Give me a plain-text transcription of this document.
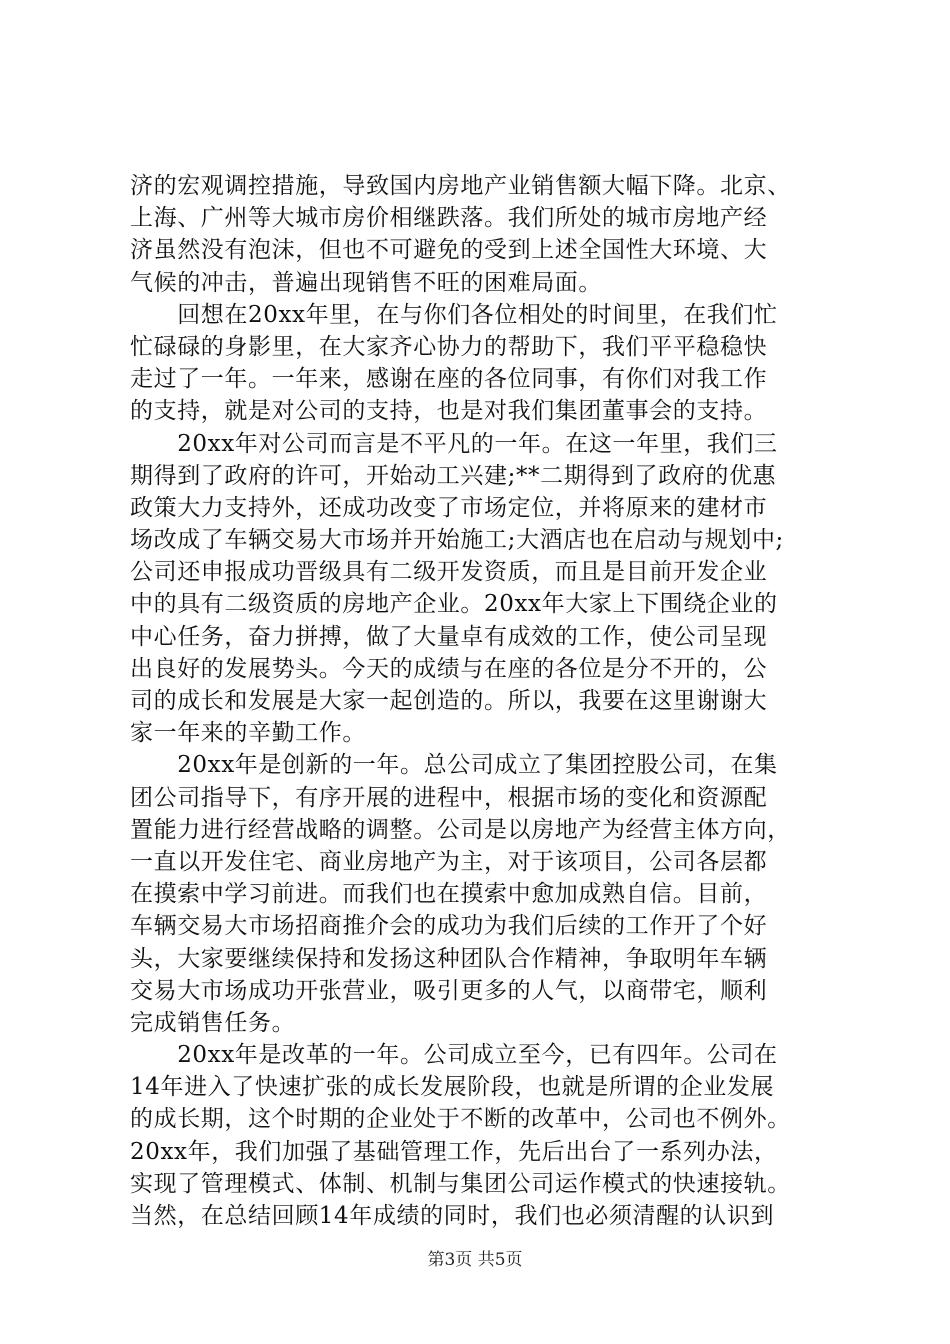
济的宏观调控措施，导致国内房地产业销售额大幅下降。北京、
上海、广州等大城市房价相继跌落。我们所处的城市房地产经
济虽然没有泡沫，但也不可避免的受到上述全国性大环境、大
气候的冲击，普遍出现销售不旺的困难局面。
　　回想在20xx年里，在与你们各位相处的时间里，在我们忙
忙碌碌的身影里，在大家齐心协力的帮助下，我们平平稳稳快
走过了一年。一年来，感谢在座的各位同事，有你们对我工作
的支持，就是对公司的支持，也是对我们集团董事会的支持。
　　20xx年对公司而言是不平凡的一年。在这一年里，我们三
期得到了政府的许可，开始动工兴建;**二期得到了政府的优惠
政策大力支持外，还成功改变了市场定位，并将原来的建材市
场改成了车辆交易大市场并开始施工;大酒店也在启动与规划中;
公司还申报成功晋级具有二级开发资质，而且是目前开发企业
中的具有二级资质的房地产企业。20xx年大家上下围绕企业的
中心任务，奋力拼搏，做了大量卓有成效的工作，使公司呈现
出良好的发展势头。今天的成绩与在座的各位是分不开的，公
司的成长和发展是大家一起创造的。所以，我要在这里谢谢大
家一年来的辛勤工作。
　　20xx年是创新的一年。总公司成立了集团控股公司，在集
团公司指导下，有序开展的进程中，根据市场的变化和资源配
置能力进行经营战略的调整。公司是以房地产为经营主体方向，
一直以开发住宅、商业房地产为主，对于该项目，公司各层都
在摸索中学习前进。而我们也在摸索中愈加成熟自信。目前，
车辆交易大市场招商推介会的成功为我们后续的工作开了个好
头，大家要继续保持和发扬这种团队合作精神，争取明年车辆
交易大市场成功开张营业，吸引更多的人气，以商带宅，顺利
完成销售任务。
　　20xx年是改革的一年。公司成立至今，已有四年。公司在
14年进入了快速扩张的成长发展阶段，也就是所谓的企业发展
的成长期，这个时期的企业处于不断的改革中，公司也不例外。
20xx年，我们加强了基础管理工作，先后出台了一系列办法，
实现了管理模式、体制、机制与集团公司运作模式的快速接轨。
当然，在总结回顾14年成绩的同时，我们也必须清醒的认识到
第3页 共5页
